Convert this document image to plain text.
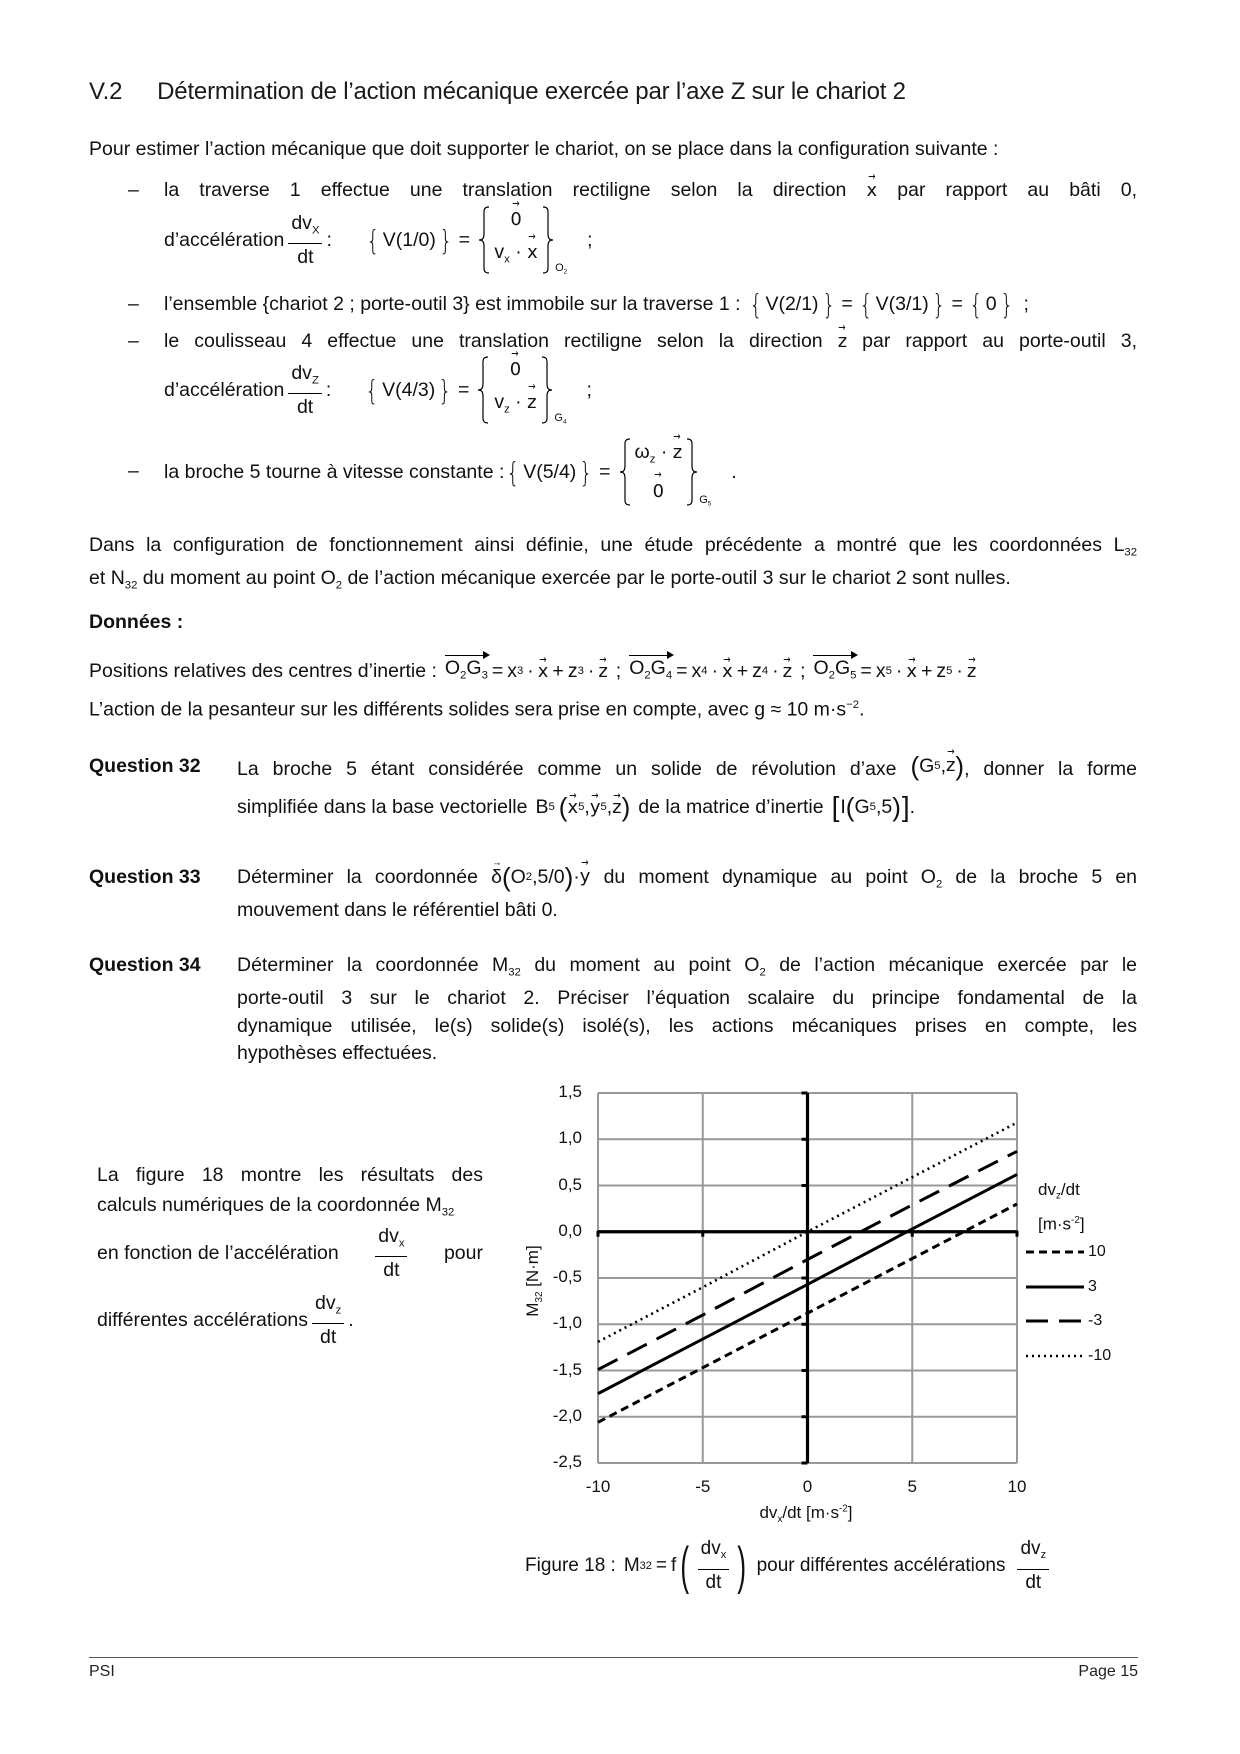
V.2 Détermination de l’action mécanique exercée par l’axe Z sur le chariot 2
Pour estimer l’action mécanique que doit supporter le chariot, on se place dans la configuration suivante :
– la traverse 1 effectue une translation rectiligne selon la direction → x par rapport au bâti 0,
d’accélération $\frac{dv_X}{dt}$ :	{ V(1/0)
} =
→ 0
$v_x$ · → x
$O_2$
;
– l’ensemble {chariot 2 ; porte-outil 3} est immobile sur la traverse 1 : { V(2/1)
} = { V(3/1)
} = { 0
} ;
– le coulisseau 4 effectue une translation rectiligne selon la direction → z par rapport au porte-outil 3,
d’accélération $\frac{dv_Z}{dt}$ :	{ V(4/3)
} =
→ 0
$v_z$ · → z
$G_4$
;
– la broche 5 tourne à vitesse constante : { V(5/4)
} =
$\omega_z$ · → z
→ 0	$G_5$
.
Dans la configuration de fonctionnement ainsi définie, une étude précédente a montré que les coordonnées $L_{32}$
et $N_{32}$ du moment au point $O_2$ de l’action mécanique exercée par le porte-outil 3 sur le chariot 2 sont nulles.
Données :
Positions relatives des centres d’inertie : $O_2G_3 = x$ 3 · → x + z 3 · → z ; $O_2G_4 = x$ 4 · → x + z 4 · → z ; $O_2G_5 = x$ 5 · → x + z 5 · → z
L’action de la pesanteur sur les différents solides sera prise en compte, avec g ≈ 10 $m\cdot s^{-2}$.
Question 32 La broche 5 étant considérée comme un solide de révolution d’axe ( G 5 , → z ) , donner la forme
simplifiée dans la base vectorielle B 5 ( → x 5 , → y 5 , → z ) de la matrice d’inertie [ I ( G 5 , 5 )
] .
Question 33 Déterminer la coordonnée → δ ( O 2 , 5/0 ) · → y du moment dynamique au point $O_2$ de la broche 5 en
mouvement dans le référentiel bâti 0.
Question 34 Déterminer la coordonnée $M_{32}$ du moment au point $O_2$ de l’action mécanique exercée par le
porte-outil 3 sur le chariot 2. Préciser l’équation scalaire du principe fondamental de la
dynamique utilisée, le(s) solide(s) isolé(s), les actions mécaniques prises en compte, les
hypothèses effectuées.
La figure 18 montre les résultats des
calculs numériques de la coordonnée $M_{32}$
en fonction de l’accélération $\frac{dv_x}{dt}$ pour
différentes accélérations $\frac{dv_z}{dt}$ .
1,5
1,0
0,5
0,0
-0,5
-1,0
-1,5
-2,0
-2,5
-10	-5	0	5	10
$M_{32}$ [N·m]
$dv_x/dt$ $[m\cdot s^{-2}]$
$dv_z/dt$
$[m\cdot s^{-2}]$
10
3
-3
-10
Figure 18 : M 32 = f ( $\frac{dv_x}{dt}$ ) pour différentes accélérations $\frac{dv_z}{dt}$
PSI	Page 15
